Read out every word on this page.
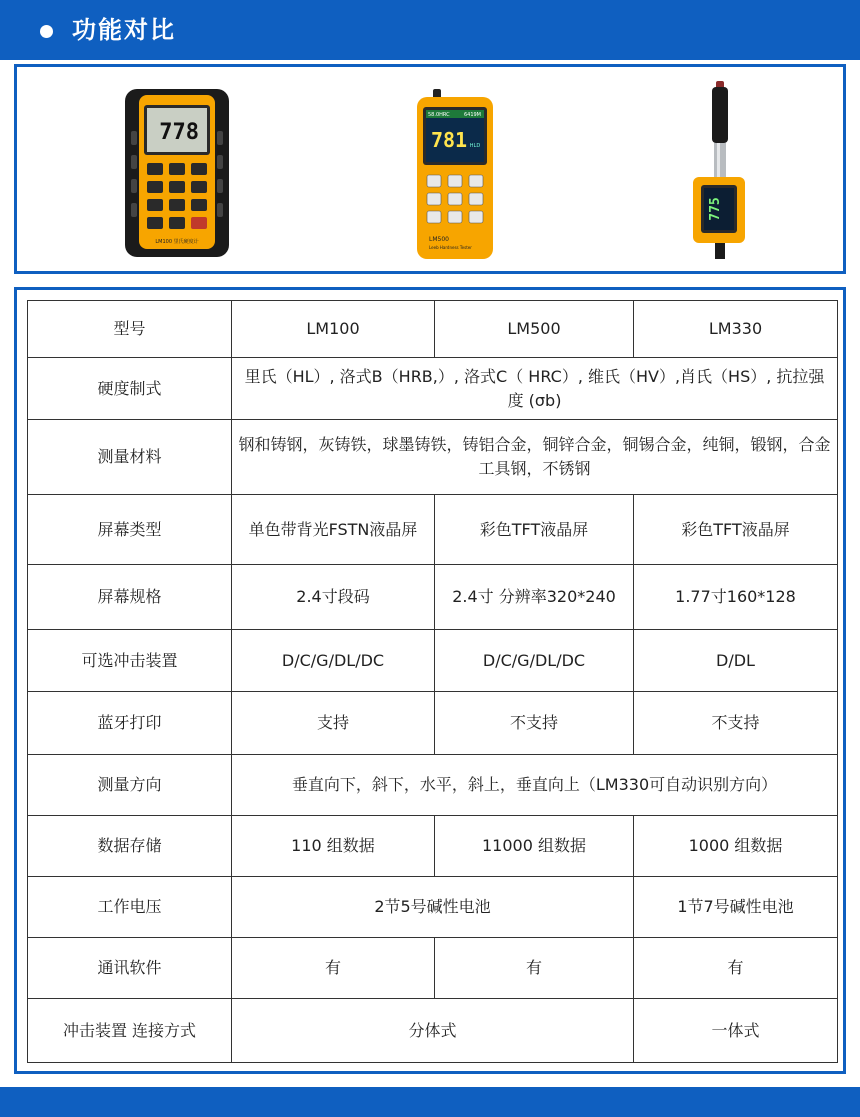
功能对比
778
LM100 里氏硬度计
58.0HRC	6419M
781 HLD
LM500
Leeb Hardness Tester
775
型号	LM100	LM500	LM330
硬度制式	里氏（HL）, 洛式B（HRB,）, 洛式C（ HRC）, 维氏（HV）,肖氏（HS）, 抗拉强度 (σb)		
测量材料	钢和铸钢，灰铸铁，球墨铸铁，铸铝合金，铜锌合金，铜锡合金，纯铜，锻钢，合金工具钢，不锈钢		
屏幕类型	单色带背光FSTN液晶屏	彩色TFT液晶屏	彩色TFT液晶屏
屏幕规格	2.4寸段码	2.4寸 分辨率320*240	1.77寸160*128
可选冲击装置	D/C/G/DL/DC	D/C/G/DL/DC	D/DL
蓝牙打印	支持	不支持	不支持
测量方向	垂直向下，斜下，水平，斜上，垂直向上（LM330可自动识别方向）		
数据存储	110 组数据	11000 组数据	1000 组数据
工作电压	2节5号碱性电池		1节7号碱性电池
通讯软件	有	有	有
冲击装置 连接方式	分体式		一体式
